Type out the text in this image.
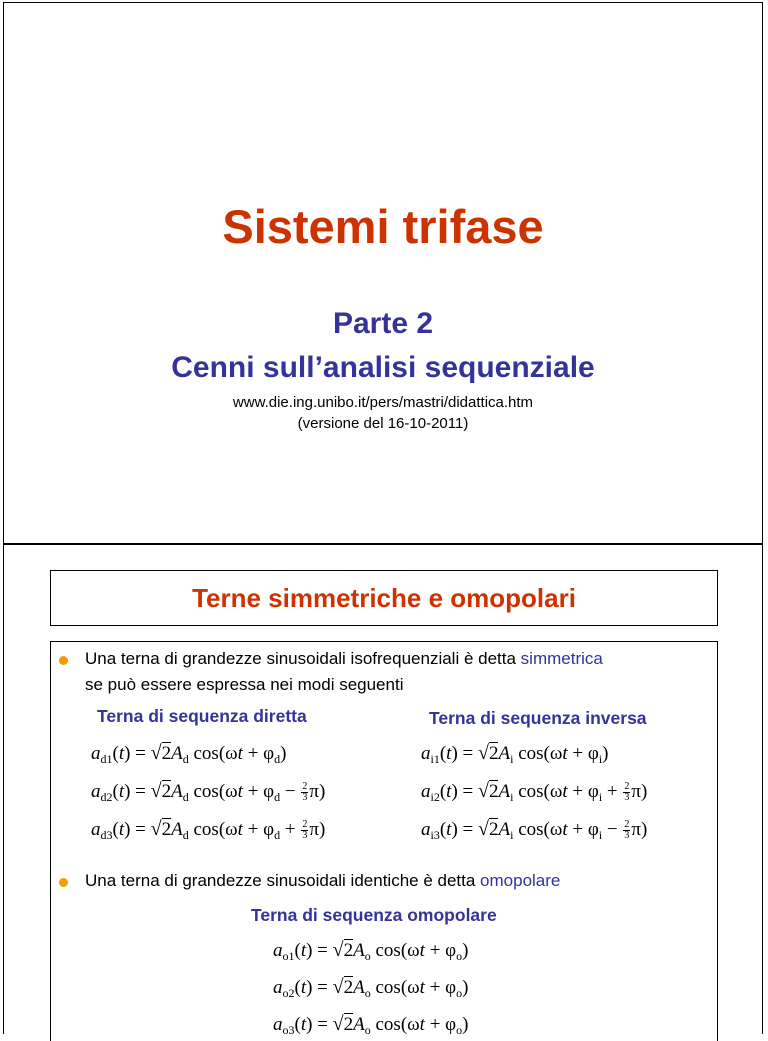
Sistemi trifase
Parte 2
Cenni sull’analisi sequenziale
www.die.ing.unibo.it/pers/mastri/didattica.htm
(versione del 16-10-2011)
Terne simmetriche e omopolari
Una terna di grandezze sinusoidali isofrequenziali è detta simmetrica
se può essere espressa nei modi seguenti
Terna di sequenza diretta	Terna di sequenza inversa
$a_{d1}(t) = √2A_d$ $\cos(\omega t + \varphi_d)$
$a_{d2}(t) = √2A_d$ $\cos(\omega t + \varphi_d - \frac{2}{3} \pi)$
$a_{d3}(t) = √2A_d$ $\cos(\omega t + \varphi_d + \frac{2}{3} \pi)$
$a_{i1}(t) = √2A_i$ $\cos(\omega t + \varphi_i)$
$a_{i2}(t) = √2A_i$ $\cos(\omega t + \varphi_i + \frac{2}{3} \pi)$
$a_{i3}(t) = √2A_i$ $\cos(\omega t + \varphi_i - \frac{2}{3} \pi)$
Una terna di grandezze sinusoidali identiche è detta omopolare
Terna di sequenza omopolare
$a_{o1}(t) = √2A_o$ $\cos(\omega t + \varphi_o)$
$a_{o2}(t) = √2A_o$ $\cos(\omega t + \varphi_o)$
$a_{o3}(t) = √2A_o$ $\cos(\omega t + \varphi_o)$
